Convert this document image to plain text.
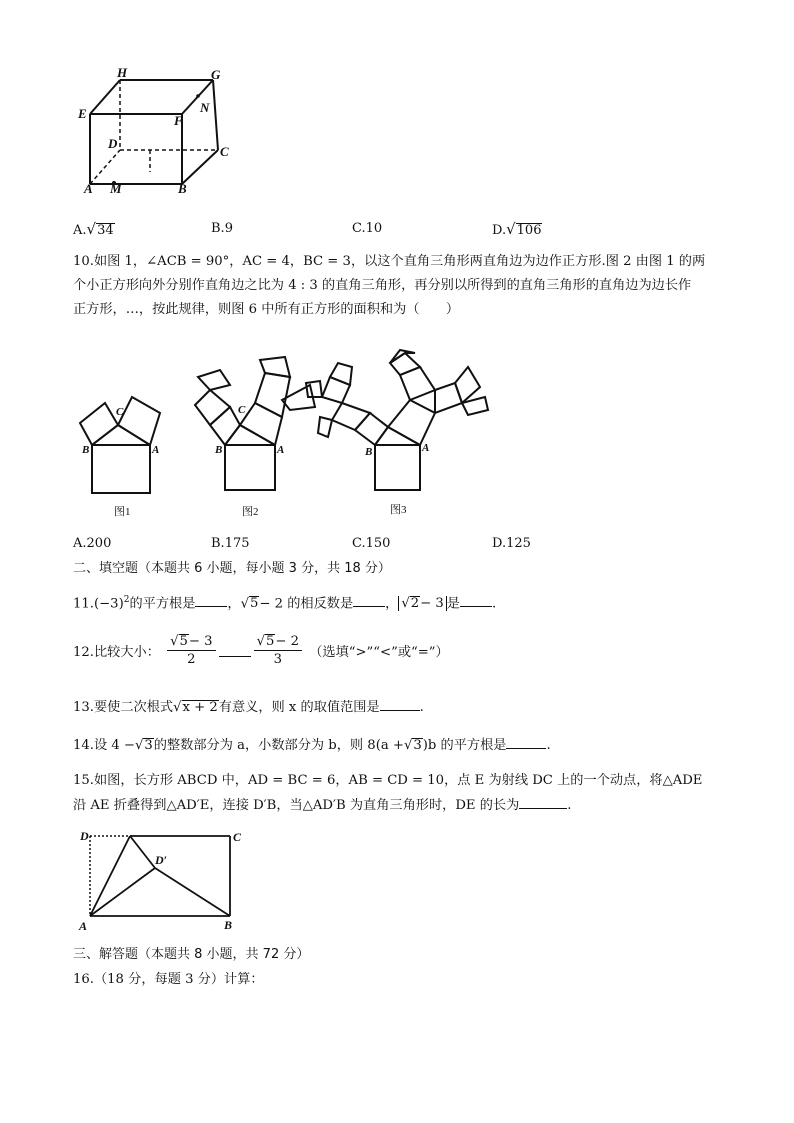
H	G
E	F
N
D
C
A M	B
A.√34	B.9	C.10	D.√106
10.如图 1，∠ACB = 90°，AC = 4，BC = 3，以这个直角三角形两直角边为边作正方形.图 2 由图 1 的两
个小正方形向外分别作直角边之比为 4 : 3 的直角三角形，再分别以所得到的直角三角形的直角边为边长作
正方形，…，按此规律，则图 6 中所有正方形的面积和为（　　）
C
B	A
C
B	A	B	A
图1	图2	图3
A.200	B.175	C.150	D.125
二、填空题（本题共 6 小题，每小题 3 分，共 18 分）
$11.(-3)^2$的平方根是 ，√5− 2 的相反数是 ， √2− 3 是 .
12.比较大小： $\frac{√5- 3}{2}$	$\frac{√5- 2}{3}$ （选填“>”“<”或“=”）
13.要使二次根式√x + 2有意义，则 x 的取值范围是	.
14.设 4 −√3的整数部分为 a，小数部分为 b，则 8(a +√3)b 的平方根是	.
15.如图，长方形 ABCD 中，AD = BC = 6，AB = CD = 10，点 E 为射线 DC 上的一个动点，将△ADE
沿 AE 折叠得到△AD′E，连接 D′B，当△AD′B 为直角三角形时，DE 的长为	.
D	C
D′
A	B
三、解答题（本题共 8 小题，共 72 分）
16.（18 分，每题 3 分）计算：
